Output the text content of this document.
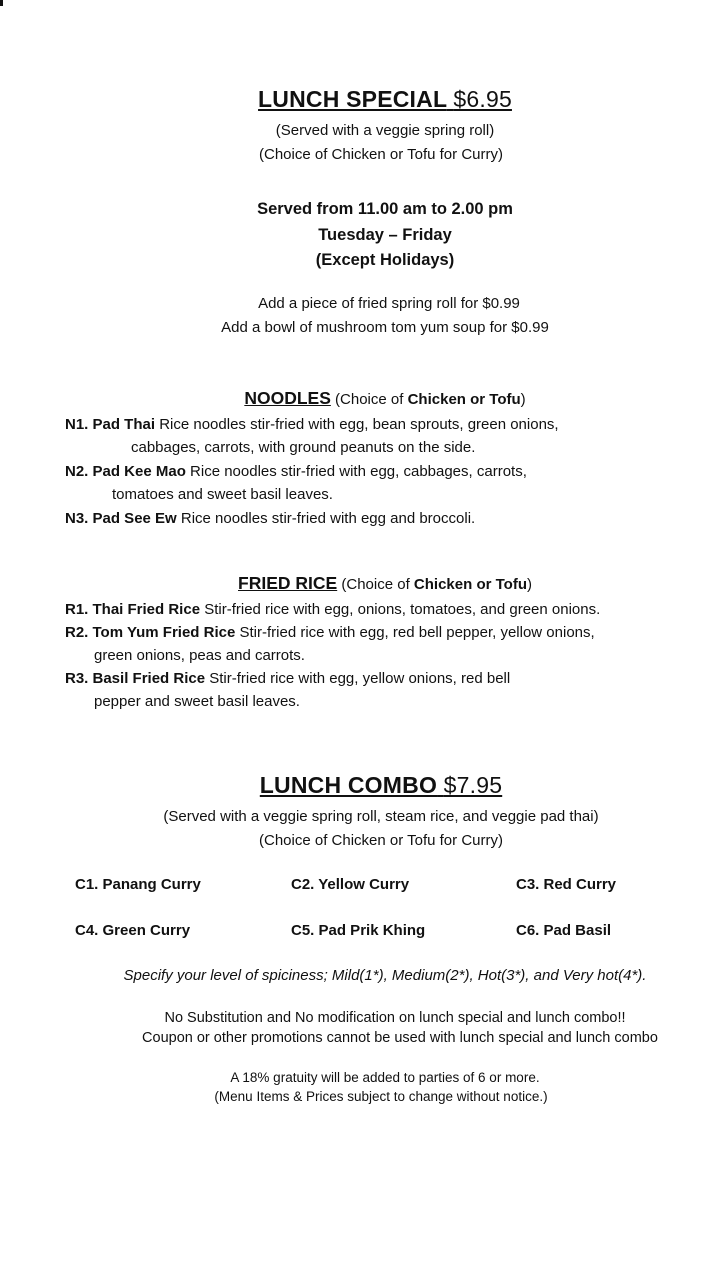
LUNCH SPECIAL $6.95
(Served with a veggie spring roll)
(Choice of Chicken or Tofu for Curry)
Served from 11.00 am to 2.00 pm
Tuesday – Friday
(Except Holidays)
Add a piece of fried spring roll for $0.99
Add a bowl of mushroom tom yum soup for $0.99
NOODLES (Choice of Chicken or Tofu)
N1. Pad Thai Rice noodles stir-fried with egg, bean sprouts, green onions,
cabbages, carrots, with ground peanuts on the side.
N2. Pad Kee Mao Rice noodles stir-fried with egg, cabbages, carrots,
tomatoes and sweet basil leaves.
N3. Pad See Ew Rice noodles stir-fried with egg and broccoli.
FRIED RICE (Choice of Chicken or Tofu)
R1. Thai Fried Rice Stir-fried rice with egg, onions, tomatoes, and green onions.
R2. Tom Yum Fried Rice Stir-fried rice with egg, red bell pepper, yellow onions,
green onions, peas and carrots.
R3. Basil Fried Rice Stir-fried rice with egg, yellow onions, red bell
pepper and sweet basil leaves.
LUNCH COMBO $7.95
(Served with a veggie spring roll, steam rice, and veggie pad thai)
(Choice of Chicken or Tofu for Curry)
C1. Panang Curry	C2. Yellow Curry	C3. Red Curry
C4. Green Curry	C5. Pad Prik Khing	C6. Pad Basil
Specify your level of spiciness; Mild(1*), Medium(2*), Hot(3*), and Very hot(4*).
No Substitution and No modification on lunch special and lunch combo!!
Coupon or other promotions cannot be used with lunch special and lunch combo
A 18% gratuity will be added to parties of 6 or more.
(Menu Items & Prices subject to change without notice.)
